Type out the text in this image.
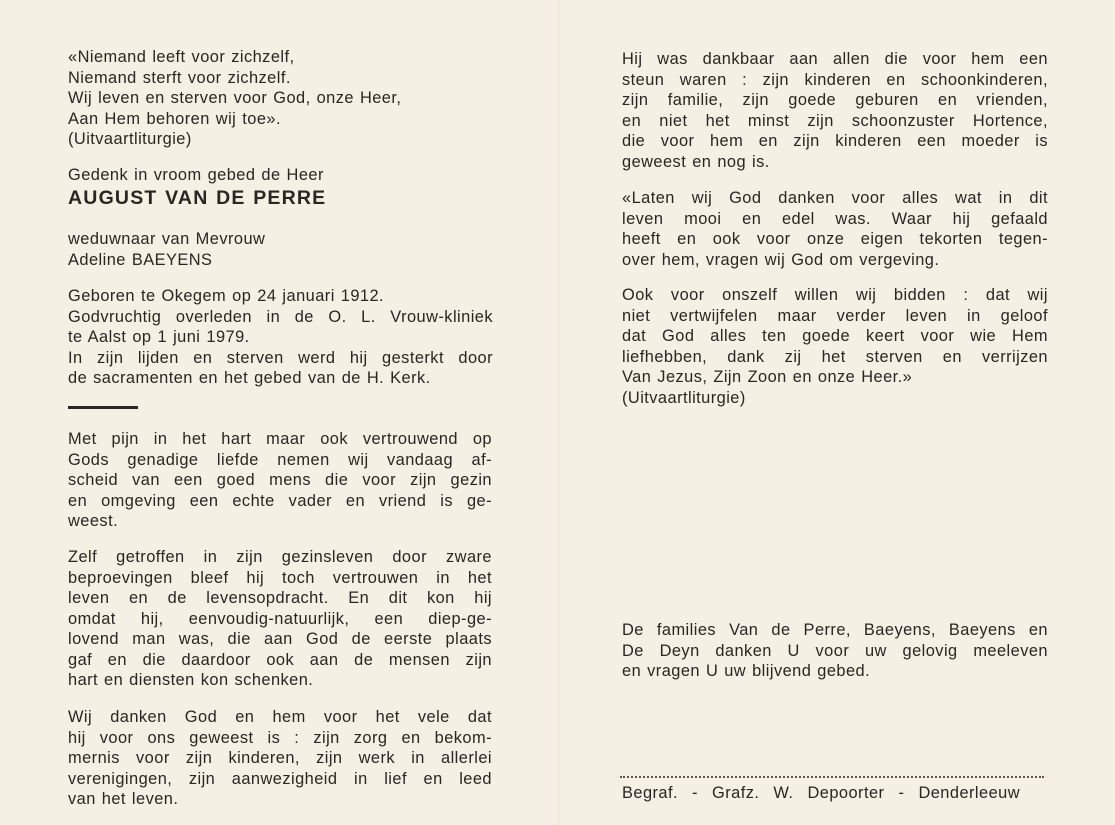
«Niemand leeft voor zichzelf,
Niemand sterft voor zichzelf.
Wij leven en sterven voor God, onze Heer,
Aan Hem behoren wij toe».
(Uitvaartliturgie)
Gedenk in vroom gebed de Heer
AUGUST VAN DE PERRE
weduwnaar van Mevrouw
Adeline BAEYENS
Geboren te Okegem op 24 januari 1912.
Godvruchtig overleden in de O. L. Vrouw-kliniek
te Aalst op 1 juni 1979.
In zijn lijden en sterven werd hij gesterkt door
de sacramenten en het gebed van de H. Kerk.
Met pijn in het hart maar ook vertrouwend op
Gods genadige liefde nemen wij vandaag af-
scheid van een goed mens die voor zijn gezin
en omgeving een echte vader en vriend is ge-
weest.
Zelf getroffen in zijn gezinsleven door zware
beproevingen bleef hij toch vertrouwen in het
leven en de levensopdracht. En dit kon hij
omdat hij, eenvoudig-natuurlijk, een diep-ge-
lovend man was, die aan God de eerste plaats
gaf en die daardoor ook aan de mensen zijn
hart en diensten kon schenken.
Wij danken God en hem voor het vele dat
hij voor ons geweest is : zijn zorg en bekom-
mernis voor zijn kinderen, zijn werk in allerlei
verenigingen, zijn aanwezigheid in lief en leed
van het leven.
Hij was dankbaar aan allen die voor hem een
steun waren : zijn kinderen en schoonkinderen,
zijn familie, zijn goede geburen en vrienden,
en niet het minst zijn schoonzuster Hortence,
die voor hem en zijn kinderen een moeder is
geweest en nog is.
«Laten wij God danken voor alles wat in dit
leven mooi en edel was. Waar hij gefaald
heeft en ook voor onze eigen tekorten tegen-
over hem, vragen wij God om vergeving.
Ook voor onszelf willen wij bidden : dat wij
niet vertwijfelen maar verder leven in geloof
dat God alles ten goede keert voor wie Hem
liefhebben, dank zij het sterven en verrijzen
Van Jezus, Zijn Zoon en onze Heer.»
(Uitvaartliturgie)
De families Van de Perre, Baeyens, Baeyens en
De Deyn danken U voor uw gelovig meeleven
en vragen U uw blijvend gebed.
Begraf. - Grafz. W. Depoorter - Denderleeuw
